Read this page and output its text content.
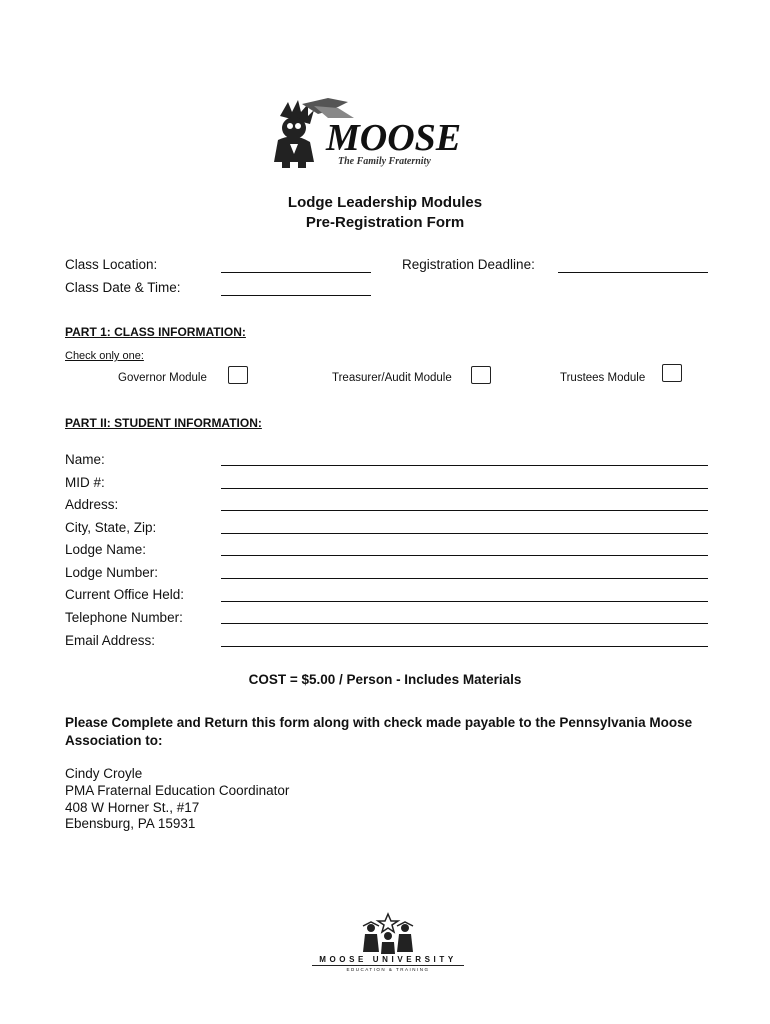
MOOSE
The Family Fraternity
Lodge Leadership Modules
Pre-Registration Form
Class Location:	Registration Deadline:
Class Date & Time:
PART 1: CLASS INFORMATION:
Check only one:
Governor Module	Treasurer/Audit Module	Trustees Module
PART II: STUDENT INFORMATION:
Name:
MID #:
Address:
City, State, Zip:
Lodge Name:
Lodge Number:
Current Office Held:
Telephone Number:
Email Address:
COST = $5.00 / Person - Includes Materials
Please Complete and Return this form along with check made payable to the Pennsylvania Moose Association to:
Cindy Croyle
PMA Fraternal Education Coordinator
408 W Horner St., #17
Ebensburg, PA 15931
MOOSE UNIVERSITY
EDUCATION & TRAINING
